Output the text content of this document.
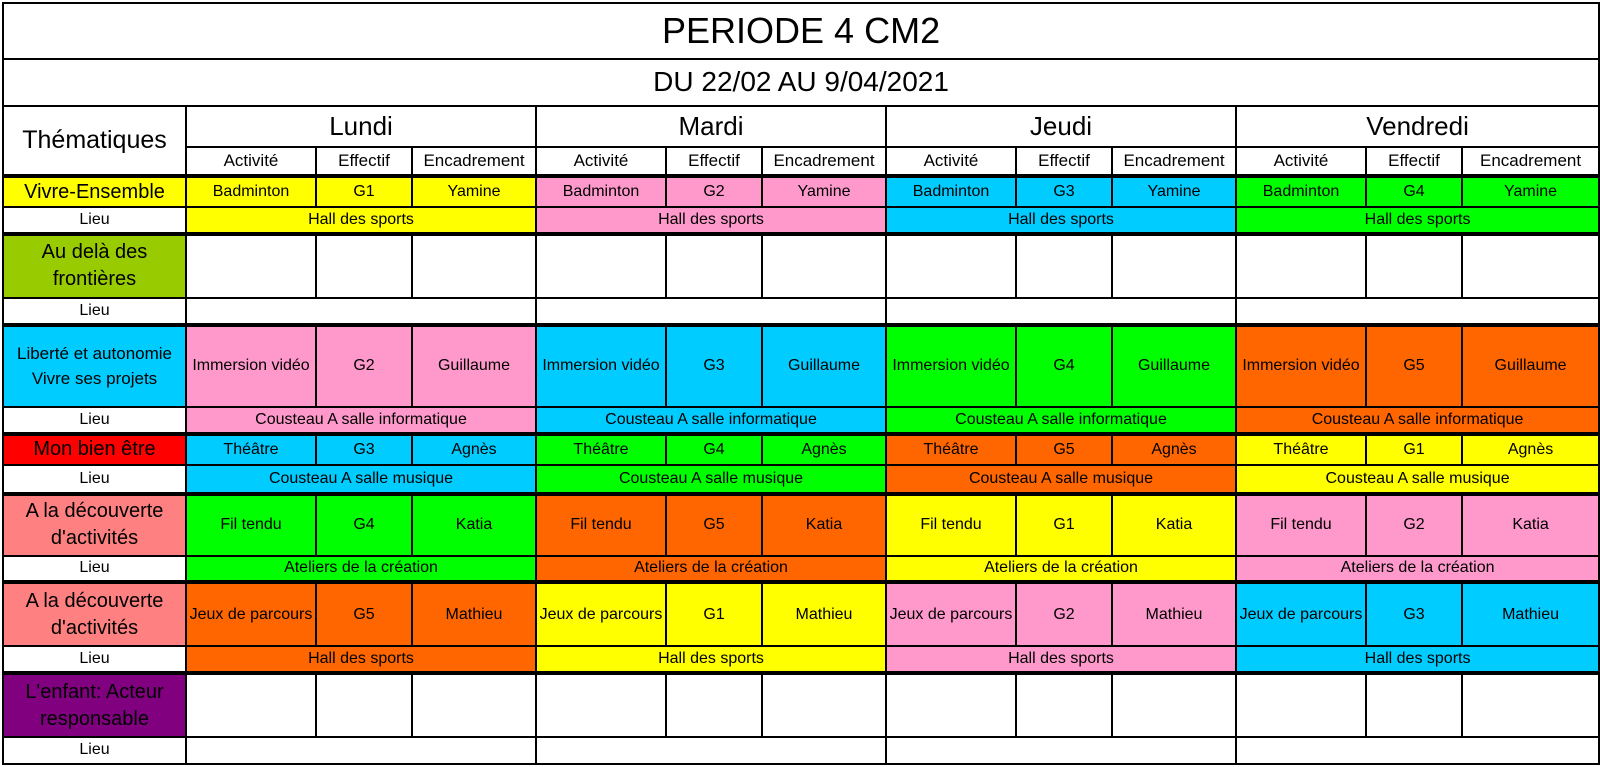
PERIODE 4 CM2												
DU 22/02 AU 9/04/2021												
Thématiques	Lundi			Mardi			Jeudi			Vendredi		
	Activité	Effectif	Encadrement	Activité	Effectif	Encadrement	Activité	Effectif	Encadrement	Activité	Effectif	Encadrement
Vivre-Ensemble	Badminton	G1	Yamine	Badminton	G2	Yamine	Badminton	G3	Yamine	Badminton	G4	Yamine
Lieu	Hall des sports			Hall des sports			Hall des sports			Hall des sports		
Au delà des frontières												
Lieu												
Liberté et autonomie Vivre ses projets	Immersion vidéo	G2	Guillaume	Immersion vidéo	G3	Guillaume	Immersion vidéo	G4	Guillaume	Immersion vidéo	G5	Guillaume
Lieu	Cousteau A salle informatique			Cousteau A salle informatique			Cousteau A salle informatique			Cousteau A salle informatique		
Mon bien être	Théâtre	G3	Agnès	Théâtre	G4	Agnès	Théâtre	G5	Agnès	Théâtre	G1	Agnès
Lieu	Cousteau A salle musique			Cousteau A salle musique			Cousteau A salle musique			Cousteau A salle musique		
A la découverte d'activités	Fil tendu	G4	Katia	Fil tendu	G5	Katia	Fil tendu	G1	Katia	Fil tendu	G2	Katia
Lieu	Ateliers de la création			Ateliers de la création			Ateliers de la création			Ateliers de la création		
A la découverte d'activités	Jeux de parcours	G5	Mathieu	Jeux de parcours	G1	Mathieu	Jeux de parcours	G2	Mathieu	Jeux de parcours	G3	Mathieu
Lieu	Hall des sports			Hall des sports			Hall des sports			Hall des sports		
L'enfant: Acteur responsable												
Lieu												
